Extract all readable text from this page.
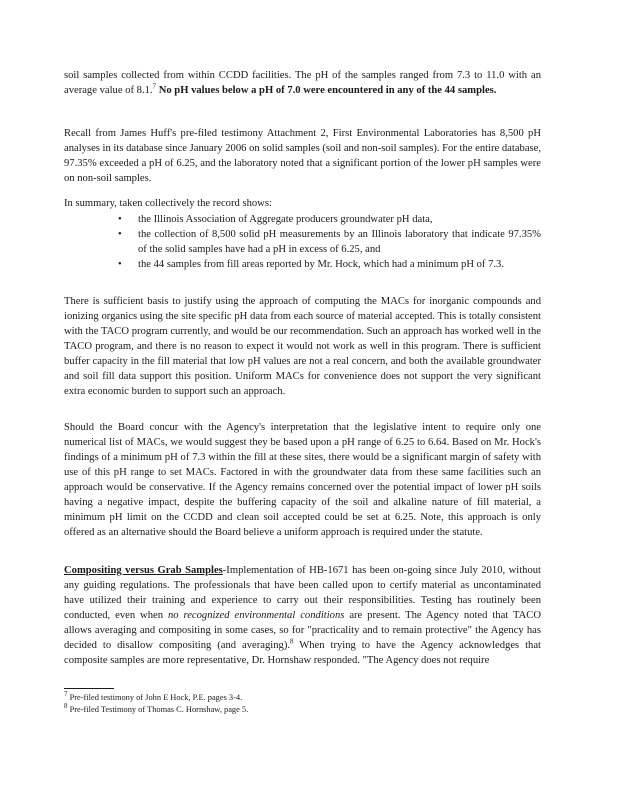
soil samples collected from within CCDD facilities. The pH of the samples ranged from 7.3 to 11.0 with an average value of 8.1.$^7$ No pH values below a pH of 7.0 were encountered in any of the 44 samples.

Recall from James Huff's pre-filed testimony Attachment 2, First Environmental Laboratories has 8,500 pH analyses in its database since January 2006 on solid samples (soil and non-soil samples). For the entire database, 97.35% exceeded a pH of 6.25, and the laboratory noted that a significant portion of the lower pH samples were on non-soil samples.

In summary, taken collectively the record shows:

• the Illinois Association of Aggregate producers groundwater pH data,
• the collection of 8,500 solid pH measurements by an Illinois laboratory that indicate 97.35% of the solid samples have had a pH in excess of 6.25, and
• the 44 samples from fill areas reported by Mr. Hock, which had a minimum pH of 7.3.

There is sufficient basis to justify using the approach of computing the MACs for inorganic compounds and ionizing organics using the site specific pH data from each source of material accepted. This is totally consistent with the TACO program currently, and would be our recommendation. Such an approach has worked well in the TACO program, and there is no reason to expect it would not work as well in this program. There is sufficient buffer capacity in the fill material that low pH values are not a real concern, and both the available groundwater and soil fill data support this position. Uniform MACs for convenience does not support the very significant extra economic burden to support such an approach.

Should the Board concur with the Agency's interpretation that the legislative intent to require only one numerical list of MACs, we would suggest they be based upon a pH range of 6.25 to 6.64. Based on Mr. Hock's findings of a minimum pH of 7.3 within the fill at these sites, there would be a significant margin of safety with use of this pH range to set MACs. Factored in with the groundwater data from these same facilities such an approach would be conservative. If the Agency remains concerned over the potential impact of lower pH soils having a negative impact, despite the buffering capacity of the soil and alkaline nature of fill material, a minimum pH limit on the CCDD and clean soil accepted could be set at 6.25. Note, this approach is only offered as an alternative should the Board believe a uniform approach is required under the statute.

Compositing versus Grab Samples-Implementation of HB-1671 has been on-going since July 2010, without any guiding regulations. The professionals that have been called upon to certify material as uncontaminated have utilized their training and experience to carry out their responsibilities. Testing has routinely been conducted, even when no recognized environmental conditions are present. The Agency noted that TACO allows averaging and compositing in some cases, so for "practicality and to remain protective" the Agency has decided to disallow compositing (and averaging).$^8$ When trying to have the Agency acknowledges that composite samples are more representative, Dr. Hornshaw responded. "The Agency does not require

$^7$ Pre-filed testimony of John E Hock, P.E. pages 3-4.
$^8$ Pre-filed Testimony of Thomas C. Hornshaw, page 5.
